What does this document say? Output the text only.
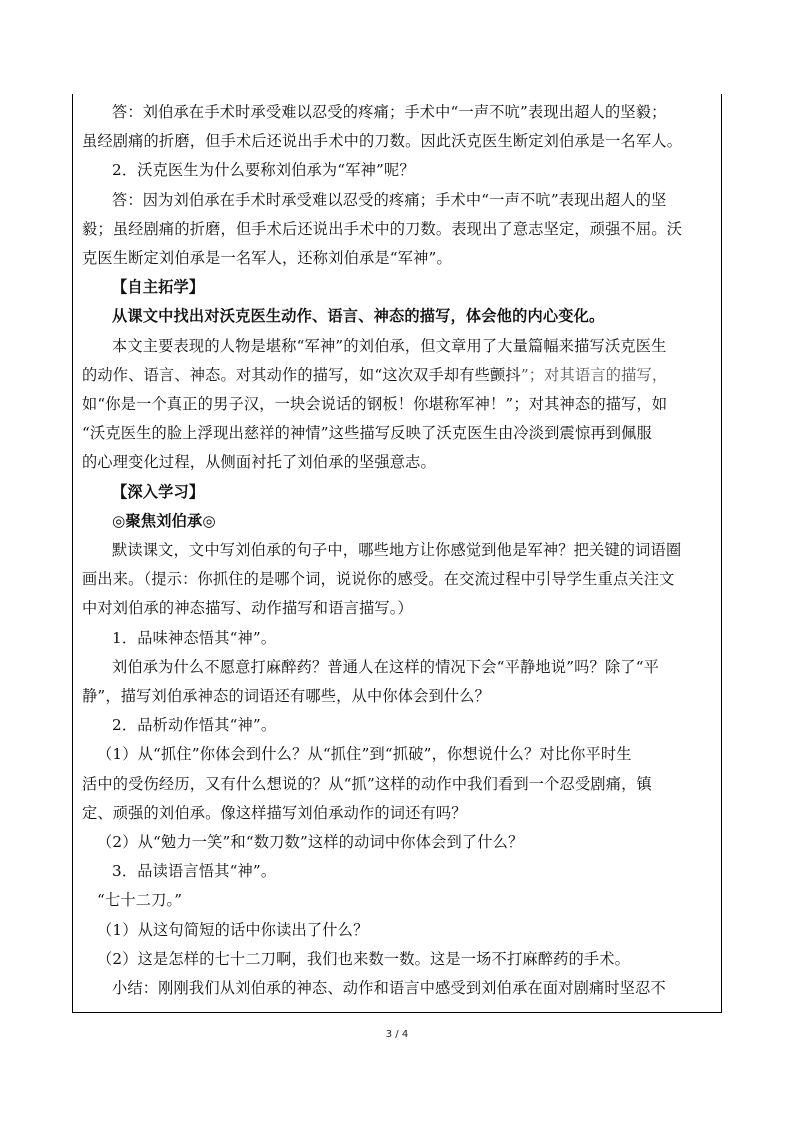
答：刘伯承在手术时承受难以忍受的疼痛；手术中“一声不吭”表现出超人的坚毅；

虽经剧痛的折磨，但手术后还说出手术中的刀数。因此沃克医生断定刘伯承是一名军人。

2．沃克医生为什么要称刘伯承为“军神”呢？

答：因为刘伯承在手术时承受难以忍受的疼痛；手术中“一声不吭”表现出超人的坚

毅；虽经剧痛的折磨，但手术后还说出手术中的刀数。表现出了意志坚定，顽强不屈。沃

克医生断定刘伯承是一名军人，还称刘伯承是“军神”。

【自主拓学】

从课文中找出对沃克医生动作、语言、神态的描写，体会他的内心变化。

本文主要表现的人物是堪称“军神”的刘伯承，但文章用了大量篇幅来描写沃克医生

的动作、语言、神态。对其动作的描写，如“这次双手却有些颤抖”；对其语言的描写，

如“你是一个真正的男子汉，一块会说话的钢板！你堪称军神！”；对其神态的描写，如

“沃克医生的脸上浮现出慈祥的神情”这些描写反映了沃克医生由冷淡到震惊再到佩服

的心理变化过程，从侧面衬托了刘伯承的坚强意志。

【深入学习】

◎聚焦刘伯承◎

默读课文，文中写刘伯承的句子中，哪些地方让你感觉到他是军神？把关键的词语圈

画出来。（提示：你抓住的是哪个词，说说你的感受。在交流过程中引导学生重点关注文

中对刘伯承的神态描写、动作描写和语言描写。）

1．品味神态悟其“神”。

刘伯承为什么不愿意打麻醉药？普通人在这样的情况下会“平静地说”吗？除了“平

静”，描写刘伯承神态的词语还有哪些，从中你体会到什么？

2．品析动作悟其“神”。

（1）从“抓住”你体会到什么？从“抓住”到“抓破”，你想说什么？对比你平时生

活中的受伤经历，又有什么想说的？从“抓”这样的动作中我们看到一个忍受剧痛，镇

定、顽强的刘伯承。像这样描写刘伯承动作的词还有吗？

（2）从“勉力一笑”和“数刀数”这样的动词中你体会到了什么？

3．品读语言悟其“神”。

“七十二刀。”

（1）从这句简短的话中你读出了什么？

（2）这是怎样的七十二刀啊，我们也来数一数。这是一场不打麻醉药的手术。

小结：刚刚我们从刘伯承的神态、动作和语言中感受到刘伯承在面对剧痛时坚忍不

3 / 4
